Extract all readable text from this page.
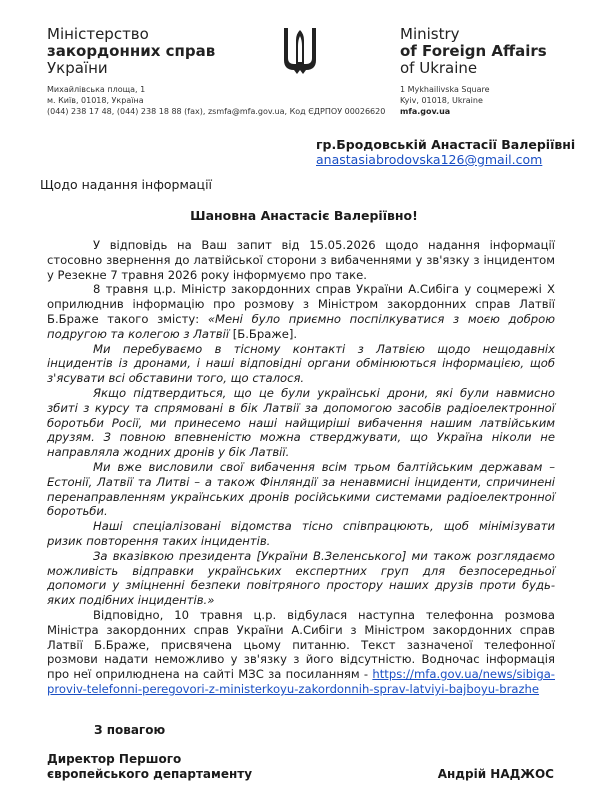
Міністерство
закордонних справ
України
Михайлівська площа, 1
м. Київ, 01018, Україна
(044) 238 17 48, (044) 238 18 88 (fax), zsmfa@mfa.gov.ua, Код ЄДРПОУ 00026620
Ministry
of Foreign Affairs
of Ukraine
1 Mykhailivska Square
Kyiv, 01018, Ukraine
mfa.gov.ua
гр.Бродовській Анастасії Валеріївні
anastasiabrodovska126@gmail.com
Щодо надання інформації
Шановна Анастасіє Валеріївно!

У відповідь на Ваш запит від 15.05.2026 щодо надання інформації стосовно звернення до латвійської сторони з вибаченнями у зв'язку з інцидентом у Резекне 7 травня 2026 року інформуємо про таке.

8 травня ц.р. Міністр закордонних справ України А.Сибіга у соцмережі X оприлюднив інформацію про розмову з Міністром закордонних справ Латвії Б.Браже такого змісту: «Мені було приємно поспілкуватися з моєю доброю подругою та колегою з Латвії [Б.Браже].

Ми перебуваємо в тісному контакті з Латвією щодо нещодавніх інцидентів із дронами, і наші відповідні органи обмінюються інформацією, щоб з'ясувати всі обставини того, що сталося.

Якщо підтвердиться, що це були українські дрони, які були навмисно збиті з курсу та спрямовані в бік Латвії за допомогою засобів радіоелектронної боротьби Росії, ми принесемо наші найщиріші вибачення нашим латвійським друзям. З повною впевненістю можна стверджувати, що Україна ніколи не направляла жодних дронів у бік Латвії.

Ми вже висловили свої вибачення всім трьом балтійським державам – Естонії, Латвії та Литві – а також Фінляндії за ненавмисні інциденти, спричинені перенаправленням українських дронів російськими системами радіоелектронної боротьби.

Наші спеціалізовані відомства тісно співпрацюють, щоб мінімізувати ризик повторення таких інцидентів.

За вказівкою президента [України В.Зеленського] ми також розглядаємо можливість відправки українських експертних груп для безпосередньої допомоги у зміцненні безпеки повітряного простору наших друзів проти будь-яких подібних інцидентів.»

Відповідно, 10 травня ц.р. відбулася наступна телефонна розмова Міністра закордонних справ України А.Сибіги з Міністром закордонних справ Латвії Б.Браже, присвячена цьому питанню. Текст зазначеної телефонної розмови надати неможливо у зв'язку з його відсутністю. Водночас інформація про неї оприлюднена на сайті МЗС за посиланням - https://mfa.gov.ua/news/sibiga-proviv-telefonni-peregovori-z-ministerkoyu-zakordonnih-sprav-latviyi-bajboyu-brazhe

З повагою
Директор Першого
європейського департаменту	Андрій НАДЖОС
